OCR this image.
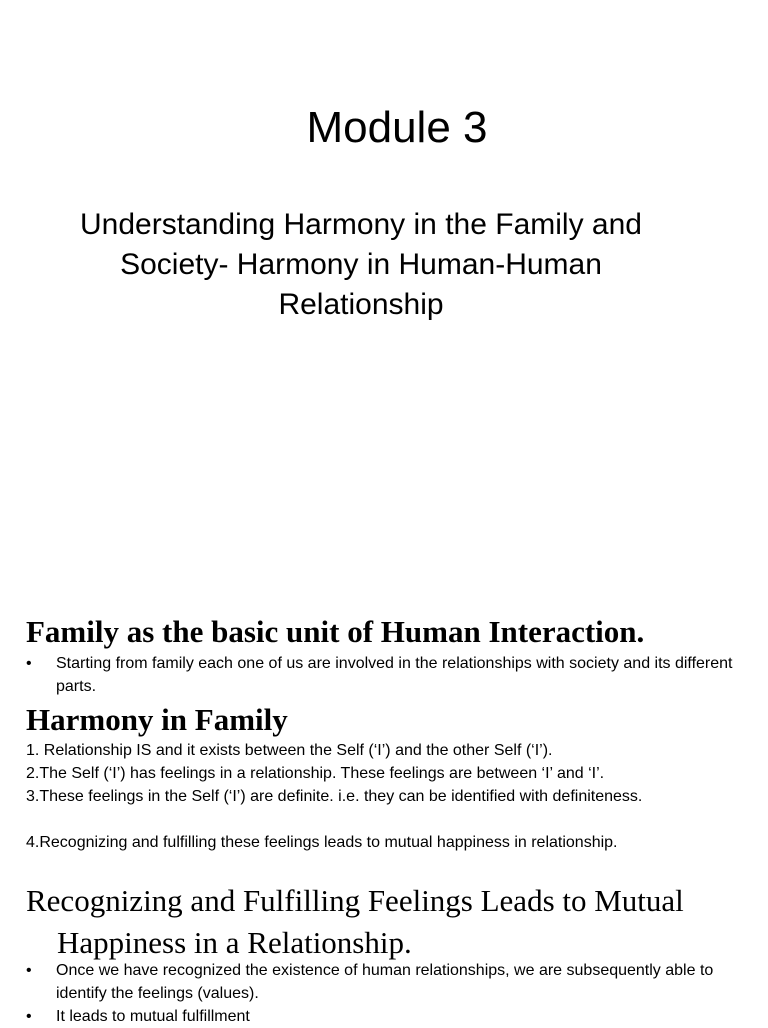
Module 3
Understanding Harmony in the Family and Society- Harmony in Human-Human Relationship
Family as the basic unit of Human Interaction.
•	Starting from family each one of us are involved in the relationships with society and its different parts.
Harmony in Family
1. Relationship IS and it exists between the Self (‘I’) and the other Self (‘I’).
2.The Self (‘I’) has feelings in a relationship. These feelings are between ‘I’ and ‘I’.
3.These feelings in the Self (‘I’) are definite. i.e. they can be identified with definiteness.
4.Recognizing and fulfilling these feelings leads to mutual happiness in relationship.
Recognizing and Fulfilling Feelings Leads to Mutual Happiness in a Relationship.
•	Once we have recognized the existence of human relationships, we are subsequently able to identify the feelings (values).
•	It leads to mutual fulfillment
